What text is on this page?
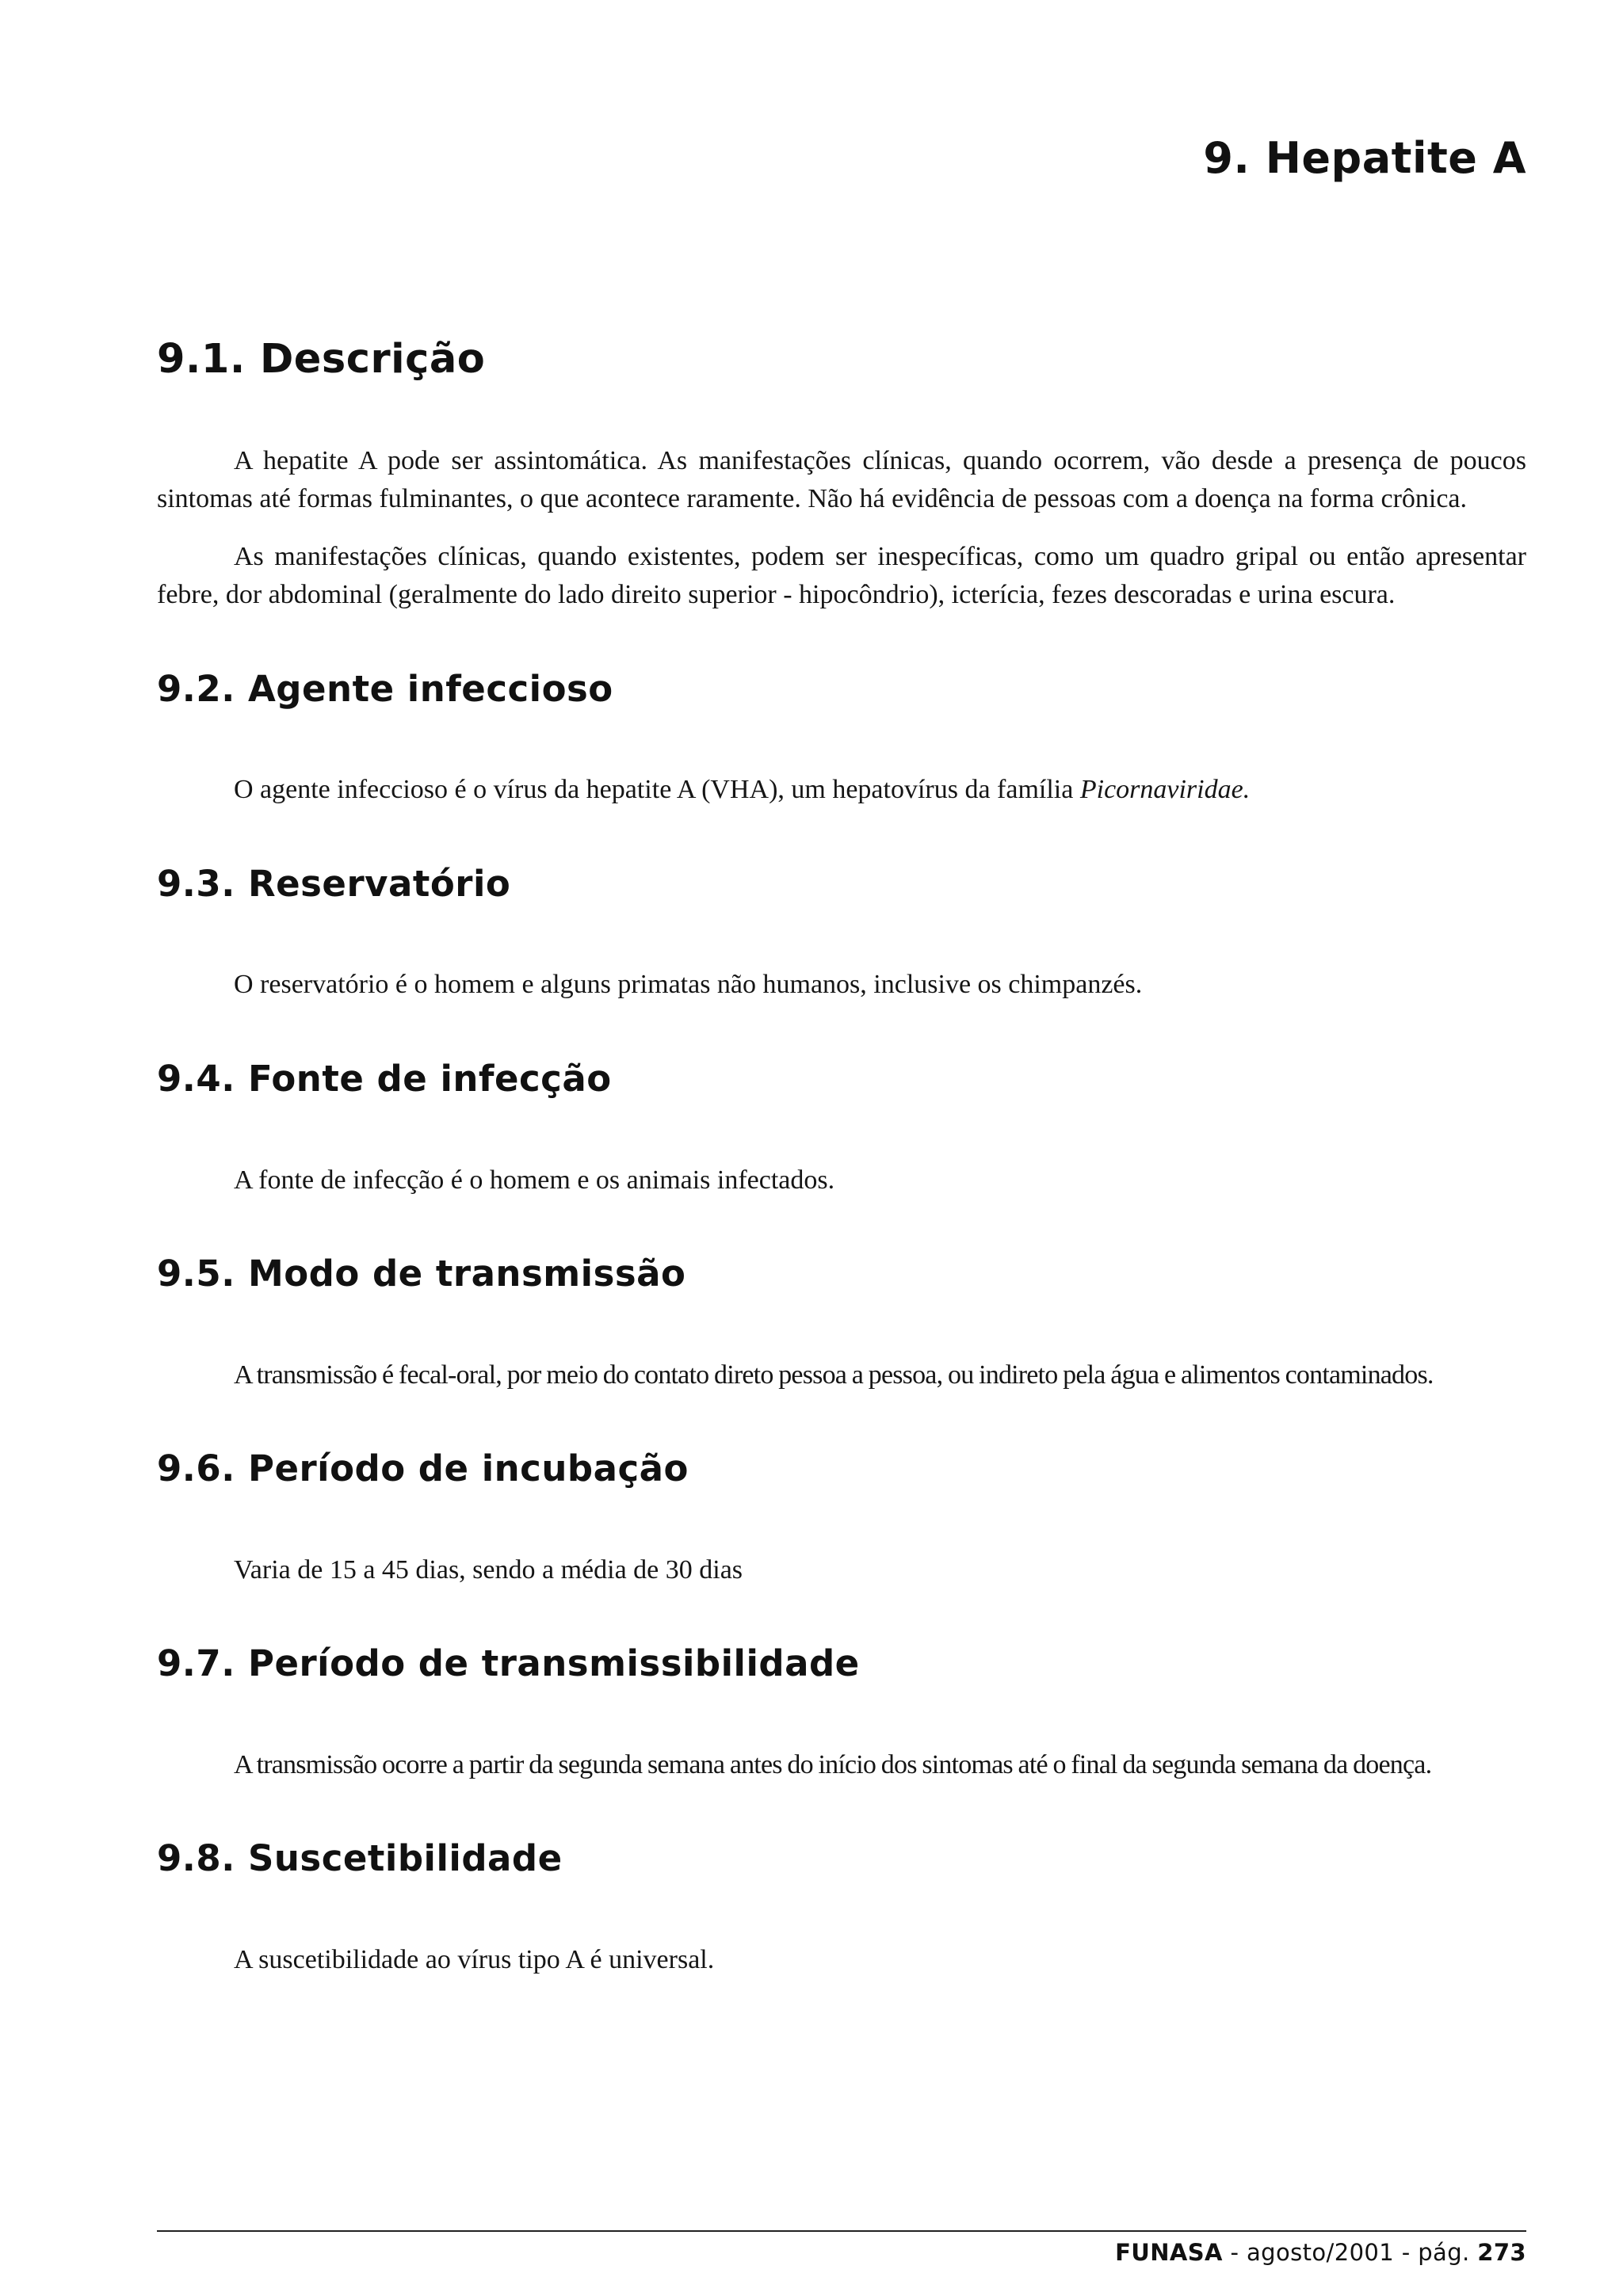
9. Hepatite A
9.1. Descrição

A hepatite A pode ser assintomática. As manifestações clínicas, quando ocorrem, vão desde a presença de poucos sintomas até formas fulminantes, o que acontece raramente. Não há evidência de pessoas com a doença na forma crônica.

As manifestações clínicas, quando existentes, podem ser inespecíficas, como um quadro gripal ou então apresentar febre, dor abdominal (geralmente do lado direito superior - hipocôndrio), icterícia, fezes descoradas e urina escura.

9.2. Agente infeccioso

O agente infeccioso é o vírus da hepatite A (VHA), um hepatovírus da família Picornaviridae.

9.3. Reservatório

O reservatório é o homem e alguns primatas não humanos, inclusive os chimpanzés.

9.4. Fonte de infecção

A fonte de infecção é o homem e os animais infectados.

9.5. Modo de transmissão

A transmissão é fecal-oral, por meio do contato direto pessoa a pessoa, ou indireto pela água e alimentos contaminados.

9.6. Período de incubação

Varia de 15 a 45 dias, sendo a média de 30 dias

9.7. Período de transmissibilidade

A transmissão ocorre a partir da segunda semana antes do início dos sintomas até o final da segunda semana da doença.

9.8. Suscetibilidade

A suscetibilidade ao vírus tipo A é universal.

FUNASA - agosto/2001 - pág. 273
